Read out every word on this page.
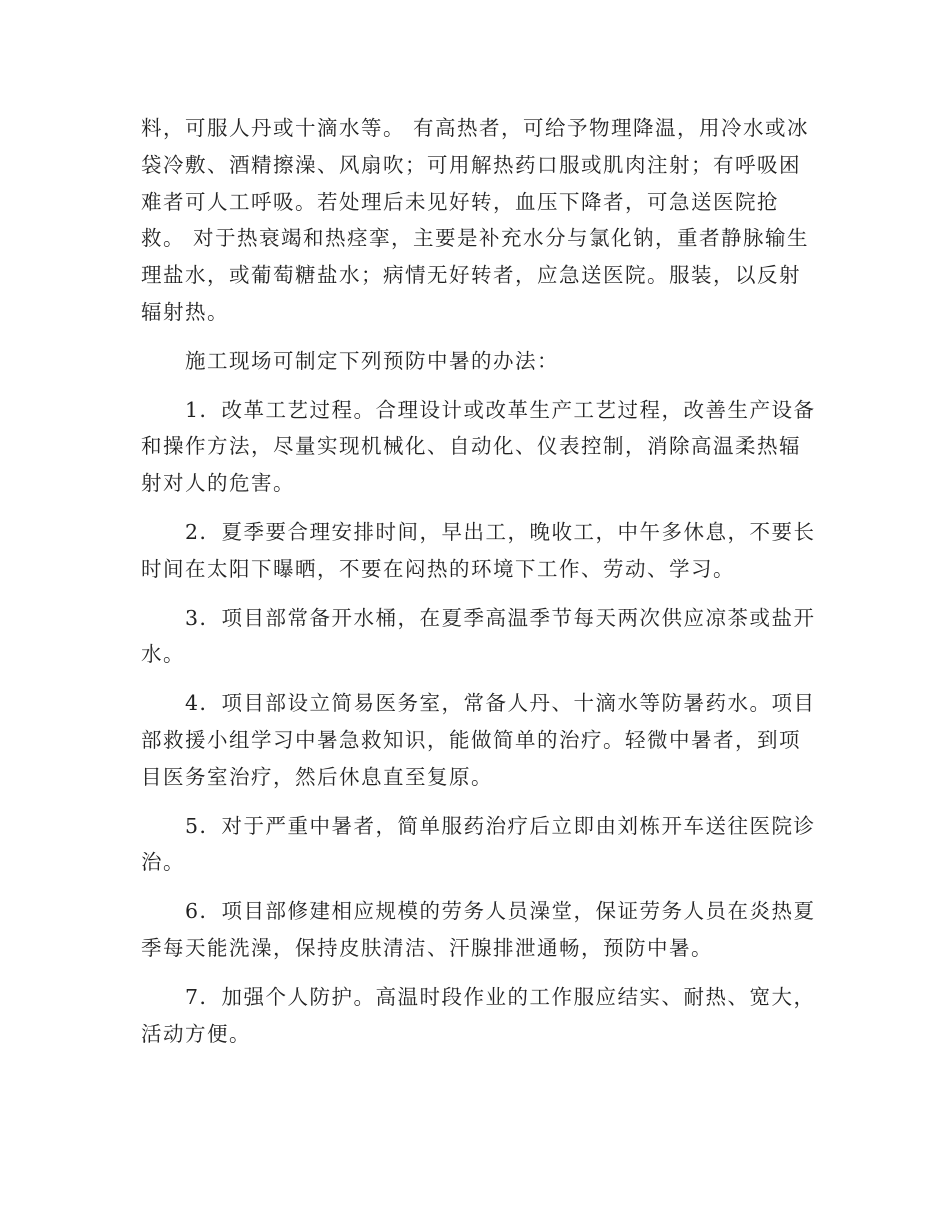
料，可服人丹或十滴水等。 有高热者，可给予物理降温，用冷水或冰
袋冷敷、酒精擦澡、风扇吹；可用解热药口服或肌肉注射；有呼吸困
难者可人工呼吸。若处理后未见好转，血压下降者，可急送医院抢
救。 对于热衰竭和热痉挛，主要是补充水分与氯化钠，重者静脉输生
理盐水，或葡萄糖盐水；病情无好转者，应急送医院。服装，以反射
辐射热。

施工现场可制定下列预防中暑的办法：

1．改革工艺过程。合理设计或改革生产工艺过程，改善生产设备
和操作方法，尽量实现机械化、自动化、仪表控制，消除高温柔热辐
射对人的危害。

2．夏季要合理安排时间，早出工，晚收工，中午多休息，不要长
时间在太阳下曝晒，不要在闷热的环境下工作、劳动、学习。

3．项目部常备开水桶，在夏季高温季节每天两次供应凉茶或盐开
水。

4．项目部设立简易医务室，常备人丹、十滴水等防暑药水。项目
部救援小组学习中暑急救知识，能做简单的治疗。轻微中暑者，到项
目医务室治疗，然后休息直至复原。

5．对于严重中暑者，简单服药治疗后立即由刘栋开车送往医院诊
治。

6．项目部修建相应规模的劳务人员澡堂，保证劳务人员在炎热夏
季每天能洗澡，保持皮肤清洁、汗腺排泄通畅，预防中暑。

7．加强个人防护。高温时段作业的工作服应结实、耐热、宽大，
活动方便。
